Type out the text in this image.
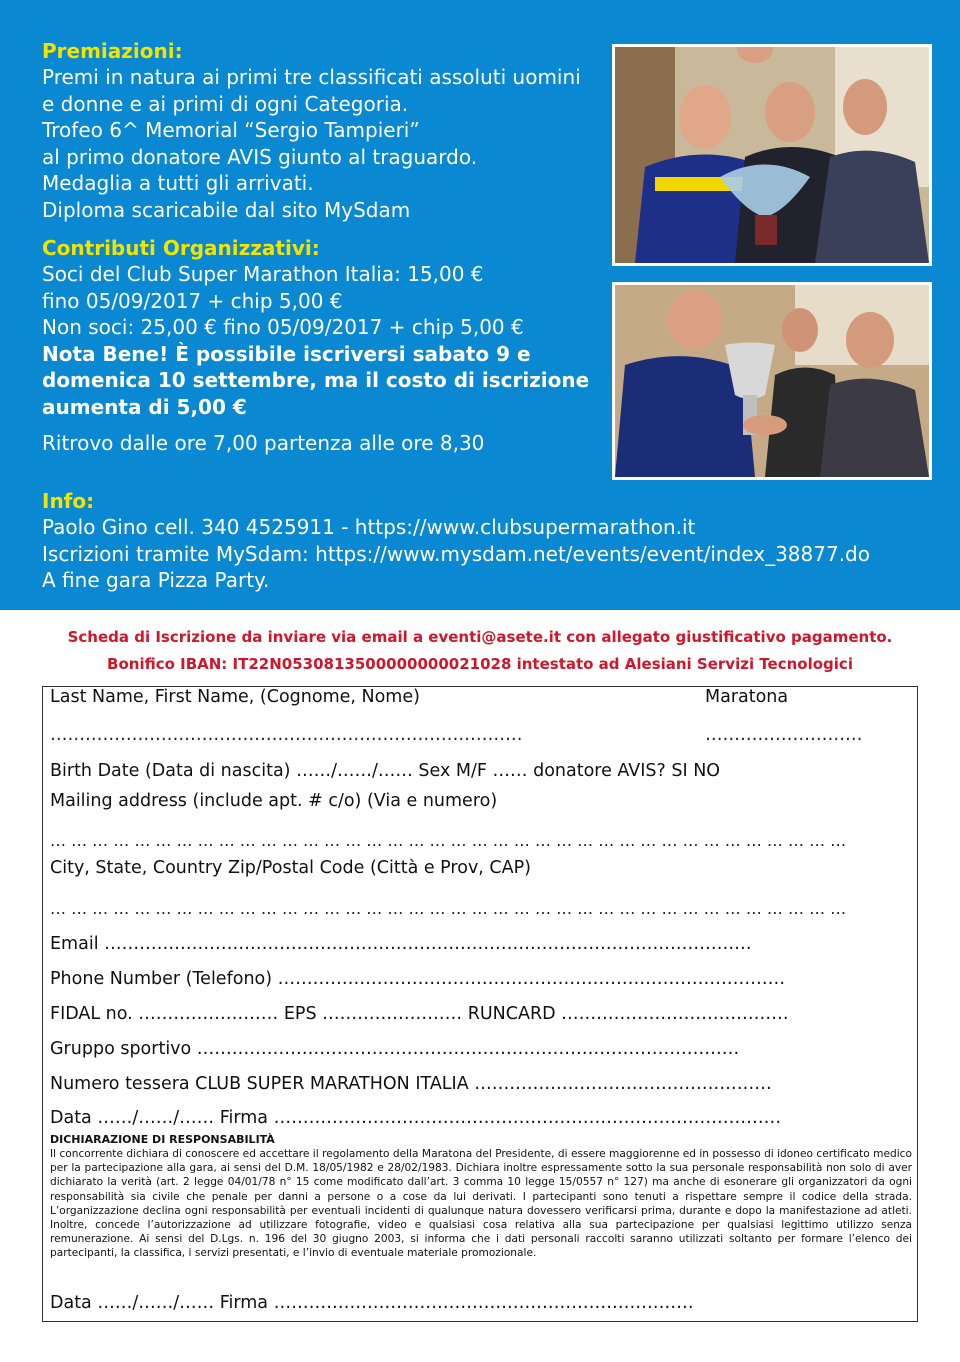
Premiazioni:

Premi in natura ai primi tre classificati assoluti uomini

e donne e ai primi di ogni Categoria.

Trofeo 6^ Memorial “Sergio Tampieri”

al primo donatore AVIS giunto al traguardo.

Medaglia a tutti gli arrivati.

Diploma scaricabile dal sito MySdam

Contributi Organizzativi:

Soci del Club Super Marathon Italia: 15,00 €

fino 05/09/2017 + chip 5,00 €

Non soci: 25,00 € fino 05/09/2017 + chip 5,00 €

Nota Bene! È possibile iscriversi sabato 9 e

domenica 10 settembre, ma il costo di iscrizione

aumenta di 5,00 €

Ritrovo dalle ore 7,00 partenza alle ore 8,30

Info:

Paolo Gino cell. 340 4525911 - https://www.clubsupermarathon.it

Iscrizioni tramite MySdam: https://www.mysdam.net/events/event/index_38877.do

A fine gara Pizza Party.

Scheda di Iscrizione da inviare via email a eventi@asete.it con allegato giustificativo pagamento.
Bonifico IBAN: IT22N0530813500000000021028 intestato ad Alesiani Servizi Tecnologici
Last Name, First Name, (Cognome, Nome)	Maratona
………………………………………………………………………	………………………
Birth Date (Data di nascita) ……/……/…… Sex M/F …… donatore AVIS? SI NO
Mailing address (include apt. # c/o) (Via e numero)
… … … … … … … … … … … … … … … … … … … … … … … … … … … … … … … … … … … … … …
City, State, Country Zip/Postal Code (Città e Prov, CAP)
… … … … … … … … … … … … … … … … … … … … … … … … … … … … … … … … … … … … … …
Email …………………………………………………………………………………………………
Phone Number (Telefono) ……………………………………………………………………………
FIDAL no. …………………… EPS …………………… RUNCARD …………………………………
Gruppo sportivo …………………………………………………………………………………
Numero tessera CLUB SUPER MARATHON ITALIA ……………………………………………
Data ……/……/…… Firma ……………………………………………………………………………
DICHIARAZIONE DI RESPONSABILITÀ
Il concorrente dichiara di conoscere ed accettare il regolamento della Maratona del Presidente, di essere maggiorenne ed in possesso di idoneo certificato medico per la partecipazione alla gara, ai sensi del D.M. 18/05/1982 e 28/02/1983. Dichiara inoltre espressamente sotto la sua personale responsabilità non solo di aver dichiarato la verità (art. 2 legge 04/01/78 n° 15 come modificato dall’art. 3 comma 10 legge 15/0557 n° 127) ma anche di esonerare gli organizzatori da ogni responsabilità sia civile che penale per danni a persone o a cose da lui derivati. I partecipanti sono tenuti a rispettare sempre il codice della strada. L’organizzazione declina ogni responsabilità per eventuali incidenti di qualunque natura dovessero verificarsi prima, durante e dopo la manifestazione ad atleti. Inoltre, concede l’autorizzazione ad utilizzare fotografie, video e qualsiasi cosa relativa alla sua partecipazione per qualsiasi legittimo utilizzo senza remunerazione. Ai sensi del D.Lgs. n. 196 del 30 giugno 2003, si informa che i dati personali raccolti saranno utilizzati soltanto per formare l’elenco dei partecipanti, la classifica, i servizi presentati, e l’invio di eventuale materiale promozionale.
Data ……/……/…… Firma ………………………………………………………………
